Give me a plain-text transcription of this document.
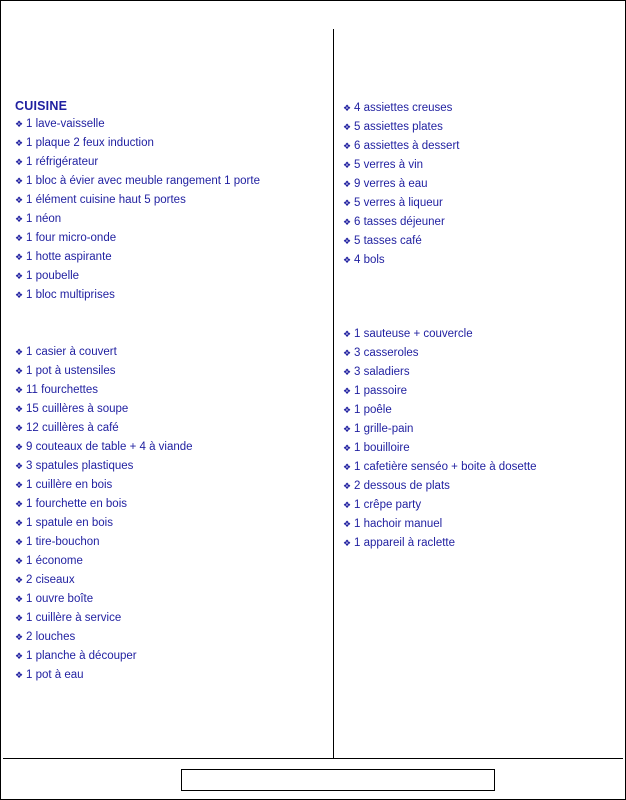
CUISINE
❖ 1 lave-vaisselle
❖ 1 plaque 2 feux induction
❖ 1 réfrigérateur
❖ 1 bloc à évier avec meuble rangement 1 porte
❖ 1 élément cuisine haut 5 portes
❖ 1 néon
❖ 1 four micro-onde
❖ 1 hotte aspirante
❖ 1 poubelle
❖ 1 bloc multiprises
❖ 1 casier à couvert
❖ 1 pot à ustensiles
❖ 11 fourchettes
❖ 15 cuillères à soupe
❖ 12 cuillères à café
❖ 9 couteaux de table + 4 à viande
❖ 3 spatules plastiques
❖ 1 cuillère en bois
❖ 1 fourchette en bois
❖ 1 spatule en bois
❖ 1 tire-bouchon
❖ 1 économe
❖ 2 ciseaux
❖ 1 ouvre boîte
❖ 1 cuillère à service
❖ 2 louches
❖ 1 planche à découper
❖ 1 pot à eau
❖ 4 assiettes creuses
❖ 5 assiettes plates
❖ 6 assiettes à dessert
❖ 5 verres à vin
❖ 9 verres à eau
❖ 5 verres à liqueur
❖ 6 tasses déjeuner
❖ 5 tasses café
❖ 4 bols
❖ 1 sauteuse + couvercle
❖ 3 casseroles
❖ 3 saladiers
❖ 1 passoire
❖ 1 poêle
❖ 1 grille-pain
❖ 1 bouilloire
❖ 1 cafetière senséo + boite à dosette
❖ 2 dessous de plats
❖ 1 crêpe party
❖ 1 hachoir manuel
❖ 1 appareil à raclette
